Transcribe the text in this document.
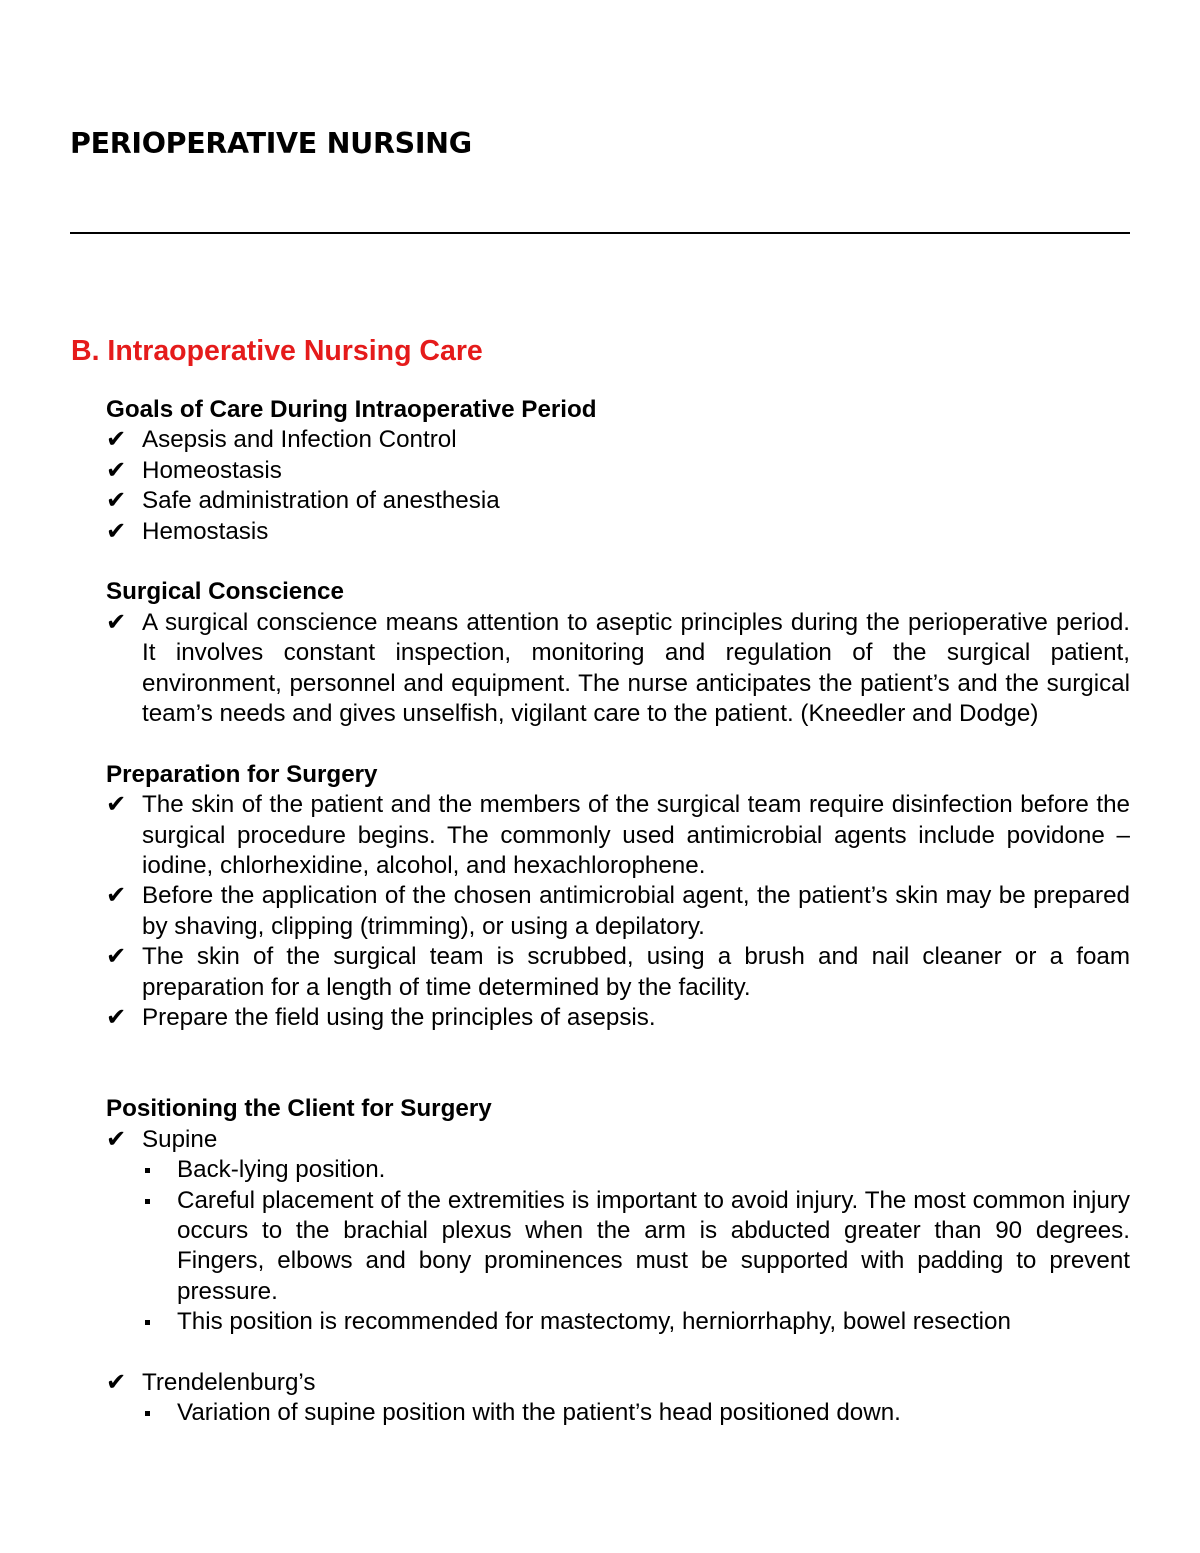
PERIOPERATIVE NURSING
B. Intraoperative Nursing Care

Goals of Care During Intraoperative Period

✔ Asepsis and Infection Control
✔ Homeostasis
✔ Safe administration of anesthesia
✔ Hemostasis

Surgical Conscience

✔ A surgical conscience means attention to aseptic principles during the perioperative period. It involves constant inspection, monitoring and regulation of the surgical patient, environment, personnel and equipment. The nurse anticipates the patient’s and the surgical team’s needs and gives unselfish, vigilant care to the patient. (Kneedler and Dodge)

Preparation for Surgery

✔ The skin of the patient and the members of the surgical team require disinfection before the surgical procedure begins. The commonly used antimicrobial agents include povidone – iodine, chlorhexidine, alcohol, and hexachlorophene.
✔ Before the application of the chosen antimicrobial agent, the patient’s skin may be prepared by shaving, clipping (trimming), or using a depilatory.
✔ The skin of the surgical team is scrubbed, using a brush and nail cleaner or a foam preparation for a length of time determined by the facility.
✔ Prepare the field using the principles of asepsis.

Positioning the Client for Surgery

✔ Supine
Back-lying position.
Careful placement of the extremities is important to avoid injury. The most common injury occurs to the brachial plexus when the arm is abducted greater than 90 degrees. Fingers, elbows and bony prominences must be supported with padding to prevent pressure.
This position is recommended for mastectomy, herniorrhaphy, bowel resection
✔ Trendelenburg’s
Variation of supine position with the patient’s head positioned down.
